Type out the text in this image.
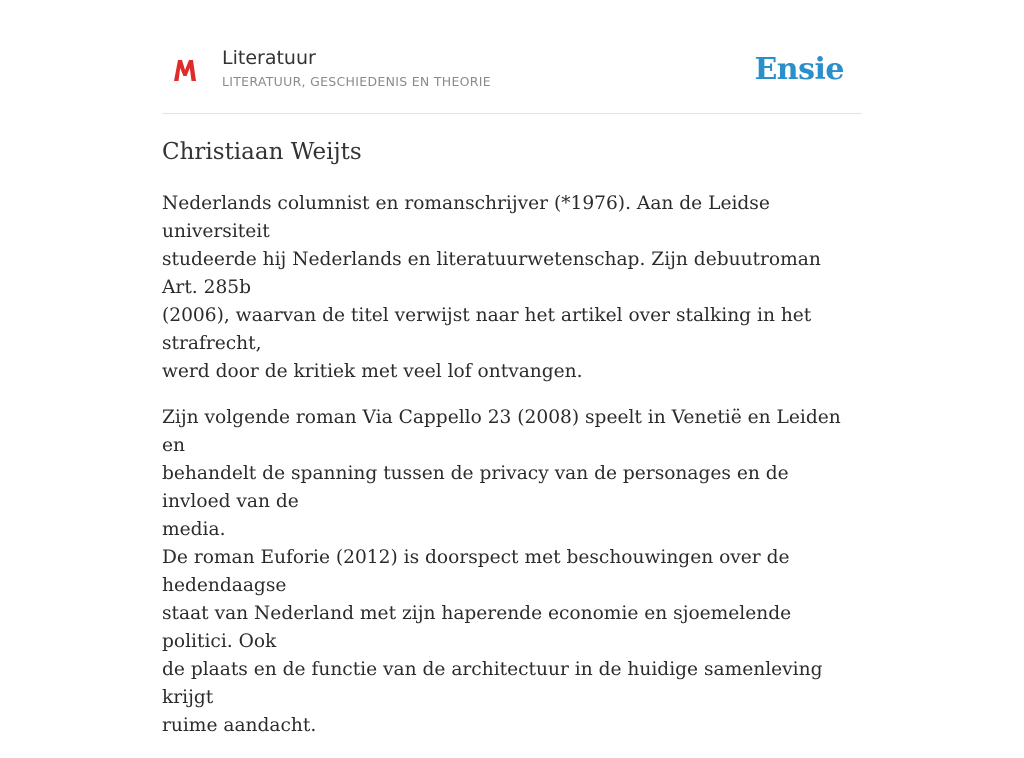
Literatuur
LITERATUUR, GESCHIEDENIS EN THEORIE	Ensie
Christiaan Weijts

Nederlands columnist en romanschrijver (*1976). Aan de Leidse universiteit
studeerde hij Nederlands en literatuurwetenschap. Zijn debuutroman Art. 285b
(2006), waarvan de titel verwijst naar het artikel over stalking in het strafrecht,
werd door de kritiek met veel lof ontvangen.

Zijn volgende roman Via Cappello 23 (2008) speelt in Venetië en Leiden en
behandelt de spanning tussen de privacy van de personages en de invloed van de
media.
De roman Euforie (2012) is doorspect met beschouwingen over de hedendaagse
staat van Nederland met zijn haperende economie en sjoemelende politici. Ook
de plaats en de functie van de architectuur in de huidige samenleving krijgt
ruime aandacht.
